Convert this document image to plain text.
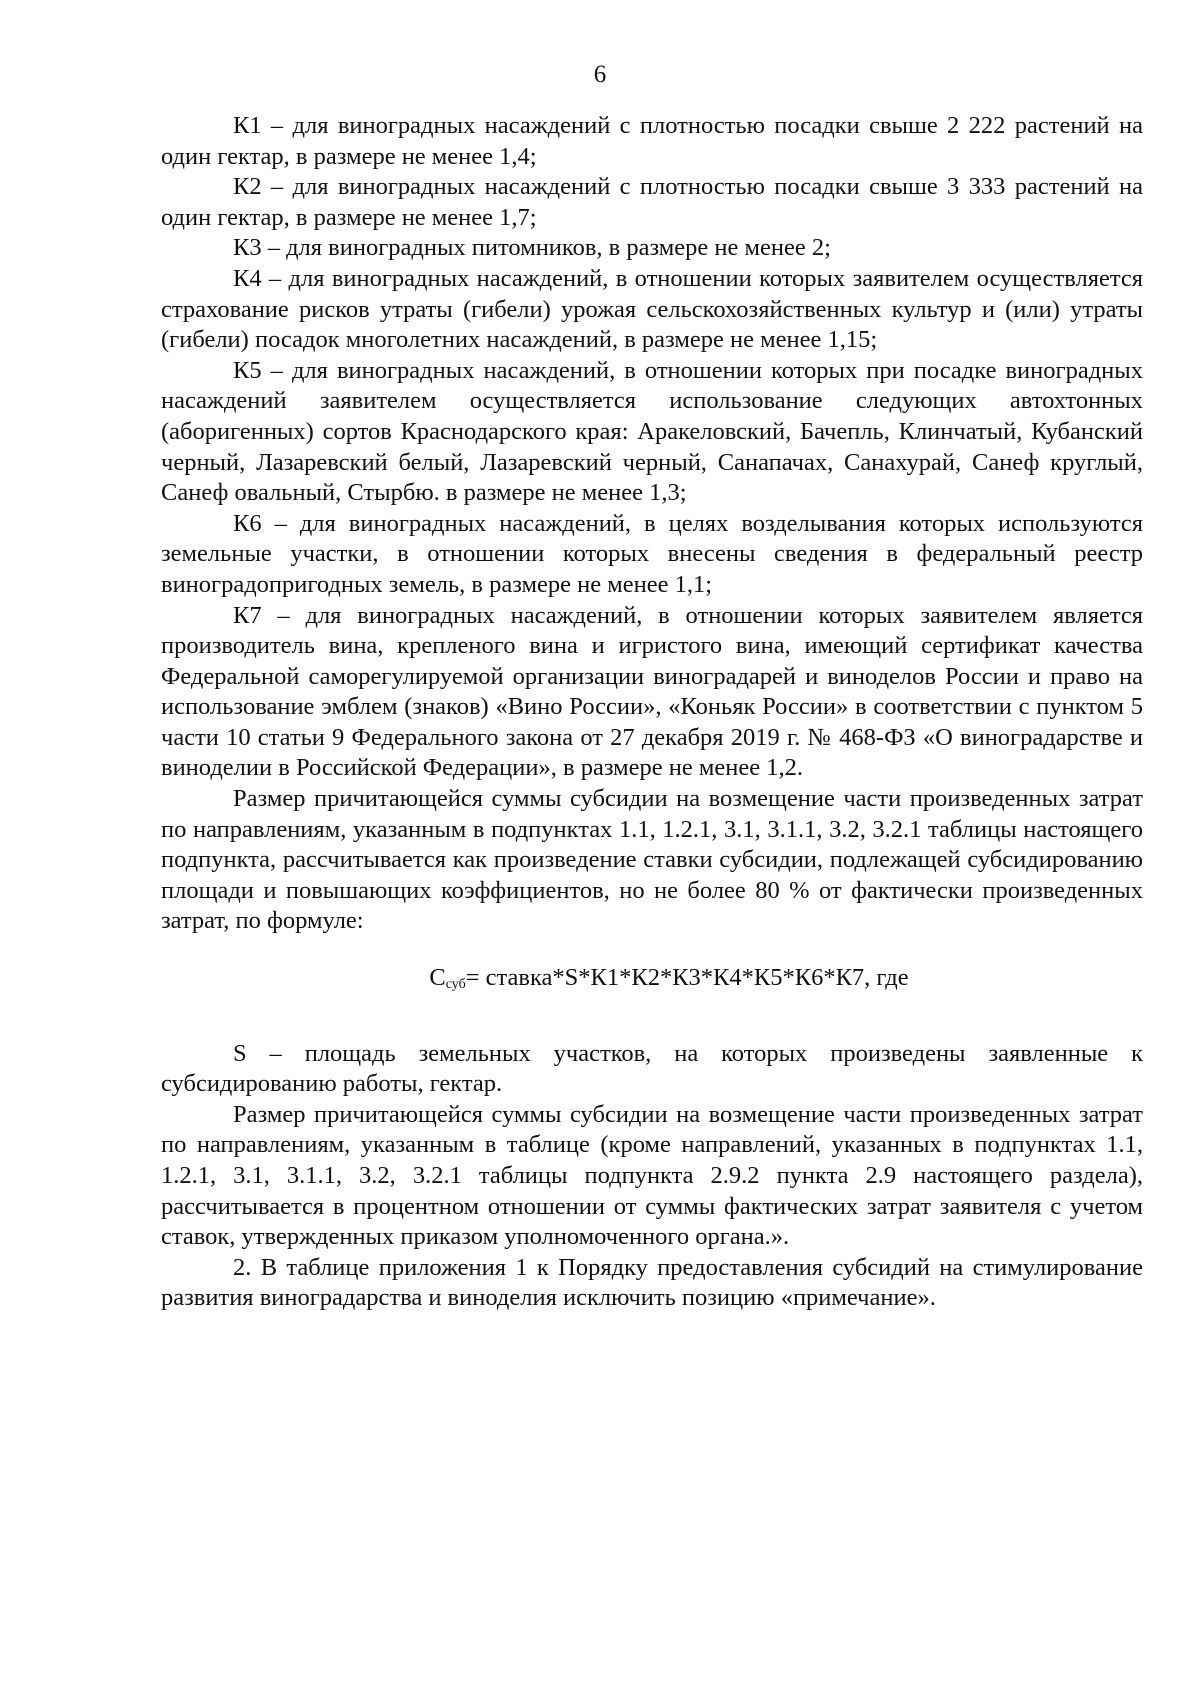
6

К1 – для виноградных насаждений с плотностью посадки свыше 2 222 растений на один гектар, в размере не менее 1,4;

К2 – для виноградных насаждений с плотностью посадки свыше 3 333 растений на один гектар, в размере не менее 1,7;

К3 – для виноградных питомников, в размере не менее 2;

К4 – для виноградных насаждений, в отношении которых заявителем осуществляется страхование рисков утраты (гибели) урожая сельскохозяйственных культур и (или) утраты (гибели) посадок многолетних насаждений, в размере не менее 1,15;

К5 – для виноградных насаждений, в отношении которых при посадке виноградных насаждений заявителем осуществляется использование следующих автохтонных (аборигенных) сортов Краснодарского края: Аракеловский, Бачепль, Клинчатый, Кубанский черный, Лазаревский белый, Лазаревский черный, Санапачах, Санахурай, Санеф круглый, Санеф овальный, Стырбю. в размере не менее 1,3;

К6 – для виноградных насаждений, в целях возделывания которых используются земельные участки, в отношении которых внесены сведения в федеральный реестр виноградопригодных земель, в размере не менее 1,1;

К7 – для виноградных насаждений, в отношении которых заявителем является производитель вина, крепленого вина и игристого вина, имеющий сертификат качества Федеральной саморегулируемой организации виноградарей и виноделов России и право на использование эмблем (знаков) «Вино России», «Коньяк России» в соответствии с пунктом 5 части 10 статьи 9 Федерального закона от 27 декабря 2019 г. № 468-ФЗ «О виноградарстве и виноделии в Российской Федерации», в размере не менее 1,2.

Размер причитающейся суммы субсидии на возмещение части произведенных затрат по направлениям, указанным в подпунктах 1.1, 1.2.1, 3.1, 3.1.1, 3.2, 3.2.1 таблицы настоящего подпункта, рассчитывается как произведение ставки субсидии, подлежащей субсидированию площади и повышающих коэффициентов, но не более 80 % от фактически произведенных затрат, по формуле:

$С_{суб}=$ ставка*S*К1*К2*К3*К4*К5*К6*К7, где

S – площадь земельных участков, на которых произведены заявленные к субсидированию работы, гектар.

Размер причитающейся суммы субсидии на возмещение части произведенных затрат по направлениям, указанным в таблице (кроме направлений, указанных в подпунктах 1.1, 1.2.1, 3.1, 3.1.1, 3.2, 3.2.1 таблицы подпункта 2.9.2 пункта 2.9 настоящего раздела), рассчитывается в процентном отношении от суммы фактических затрат заявителя с учетом ставок, утвержденных приказом уполномоченного органа.».

2. В таблице приложения 1 к Порядку предоставления субсидий на стимулирование развития виноградарства и виноделия исключить позицию «примечание».
